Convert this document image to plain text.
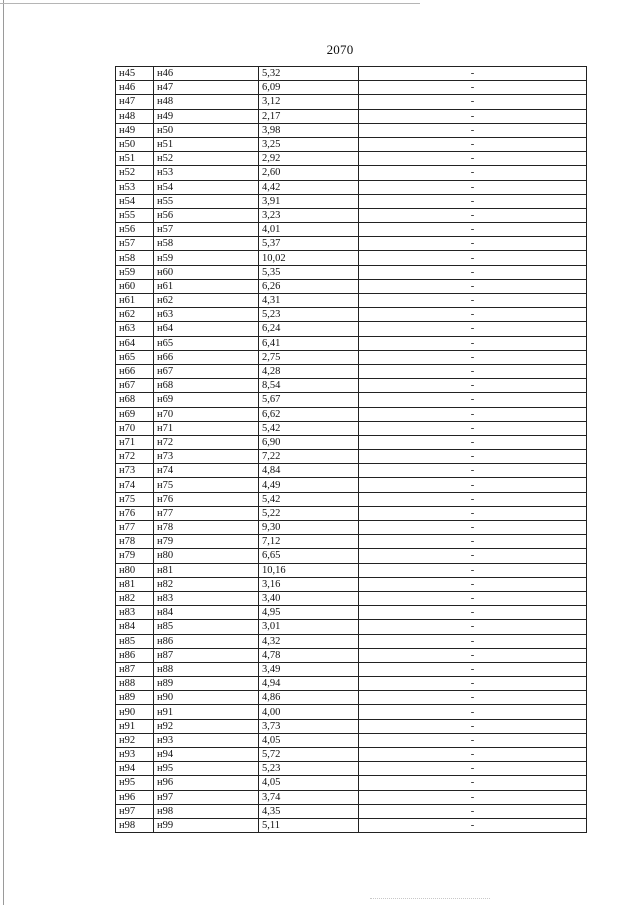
2070
н45	н46	5,32	-
н46	н47	6,09	-
н47	н48	3,12	-
н48	н49	2,17	-
н49	н50	3,98	-
н50	н51	3,25	-
н51	н52	2,92	-
н52	н53	2,60	-
н53	н54	4,42	-
н54	н55	3,91	-
н55	н56	3,23	-
н56	н57	4,01	-
н57	н58	5,37	-
н58	н59	10,02	-
н59	н60	5,35	-
н60	н61	6,26	-
н61	н62	4,31	-
н62	н63	5,23	-
н63	н64	6,24	-
н64	н65	6,41	-
н65	н66	2,75	-
н66	н67	4,28	-
н67	н68	8,54	-
н68	н69	5,67	-
н69	н70	6,62	-
н70	н71	5,42	-
н71	н72	6,90	-
н72	н73	7,22	-
н73	н74	4,84	-
н74	н75	4,49	-
н75	н76	5,42	-
н76	н77	5,22	-
н77	н78	9,30	-
н78	н79	7,12	-
н79	н80	6,65	-
н80	н81	10,16	-
н81	н82	3,16	-
н82	н83	3,40	-
н83	н84	4,95	-
н84	н85	3,01	-
н85	н86	4,32	-
н86	н87	4,78	-
н87	н88	3,49	-
н88	н89	4,94	-
н89	н90	4,86	-
н90	н91	4,00	-
н91	н92	3,73	-
н92	н93	4,05	-
н93	н94	5,72	-
н94	н95	5,23	-
н95	н96	4,05	-
н96	н97	3,74	-
н97	н98	4,35	-
н98	н99	5,11	-
